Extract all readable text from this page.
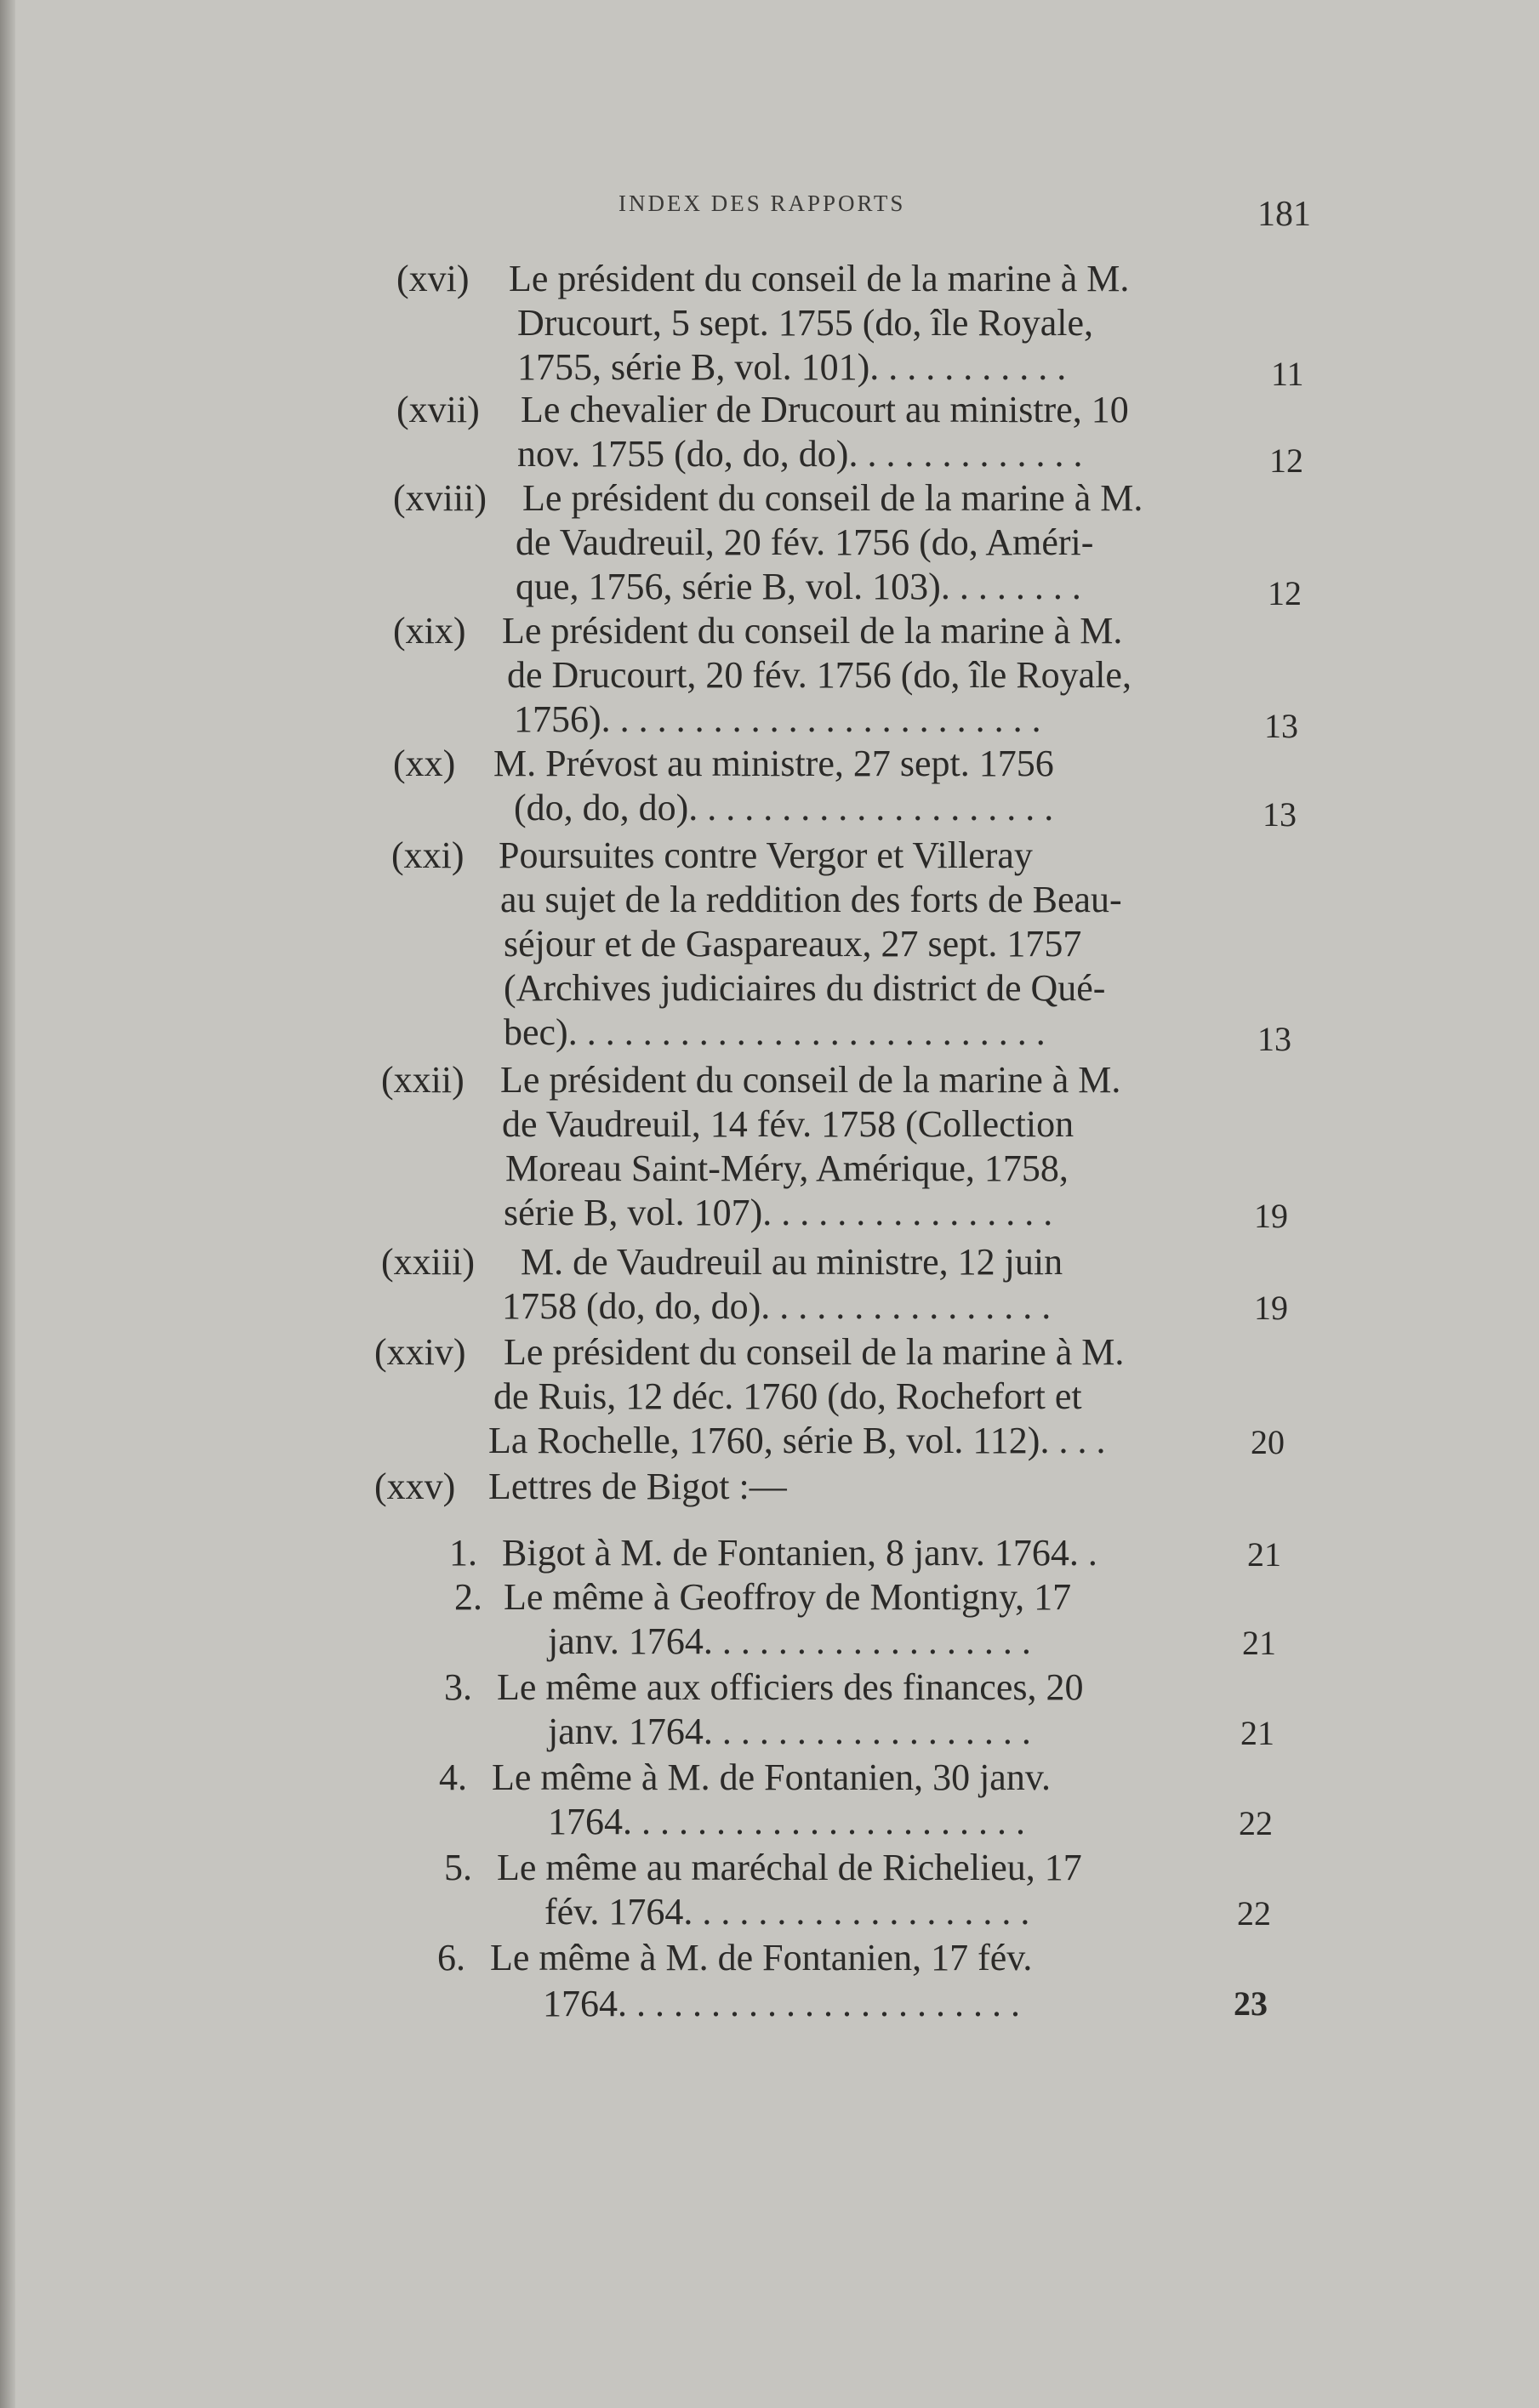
INDEX DES RAPPORTS	181
(xvi) Le président du conseil de la marine à M.
Drucourt, 5 sept. 1755 (do, île Royale,
1755, série B, vol. 101). . . . . . . . . . .	11
(xvii) Le chevalier de Drucourt au ministre, 10
nov. 1755 (do, do, do). . . . . . . . . . . . .	12
(xviii) Le président du conseil de la marine à M.
de Vaudreuil, 20 fév. 1756 (do, Améri-
que, 1756, série B, vol. 103). . . . . . . .	12
(xix) Le président du conseil de la marine à M.
de Drucourt, 20 fév. 1756 (do, île Royale,
1756). . . . . . . . . . . . . . . . . . . . . . . .	13
(xx) M. Prévost au ministre, 27 sept. 1756
(do, do, do). . . . . . . . . . . . . . . . . . . .	13
(xxi) Poursuites contre Vergor et Villeray
au sujet de la reddition des forts de Beau-
séjour et de Gaspareaux, 27 sept. 1757
(Archives judiciaires du district de Qué-
bec). . . . . . . . . . . . . . . . . . . . . . . . . .	13
(xxii) Le président du conseil de la marine à M.
de Vaudreuil, 14 fév. 1758 (Collection
Moreau Saint-Méry, Amérique, 1758,
série B, vol. 107). . . . . . . . . . . . . . . .	19
(xxiii) M. de Vaudreuil au ministre, 12 juin
1758 (do, do, do). . . . . . . . . . . . . . . .	19
(xxiv) Le président du conseil de la marine à M.
de Ruis, 12 déc. 1760 (do, Rochefort et
La Rochelle, 1760, série B, vol. 112). . . .	20
(xxv) Lettres de Bigot :—
1. Bigot à M. de Fontanien, 8 janv. 1764. .	21
2. Le même à Geoffroy de Montigny, 17
janv. 1764. . . . . . . . . . . . . . . . . .	21
3. Le même aux officiers des finances, 20
janv. 1764. . . . . . . . . . . . . . . . . .	21
4. Le même à M. de Fontanien, 30 janv.
1764. . . . . . . . . . . . . . . . . . . . . .	22
5. Le même au maréchal de Richelieu, 17
fév. 1764. . . . . . . . . . . . . . . . . . .	22
6. Le même à M. de Fontanien, 17 fév.
1764. . . . . . . . . . . . . . . . . . . . . .	23
